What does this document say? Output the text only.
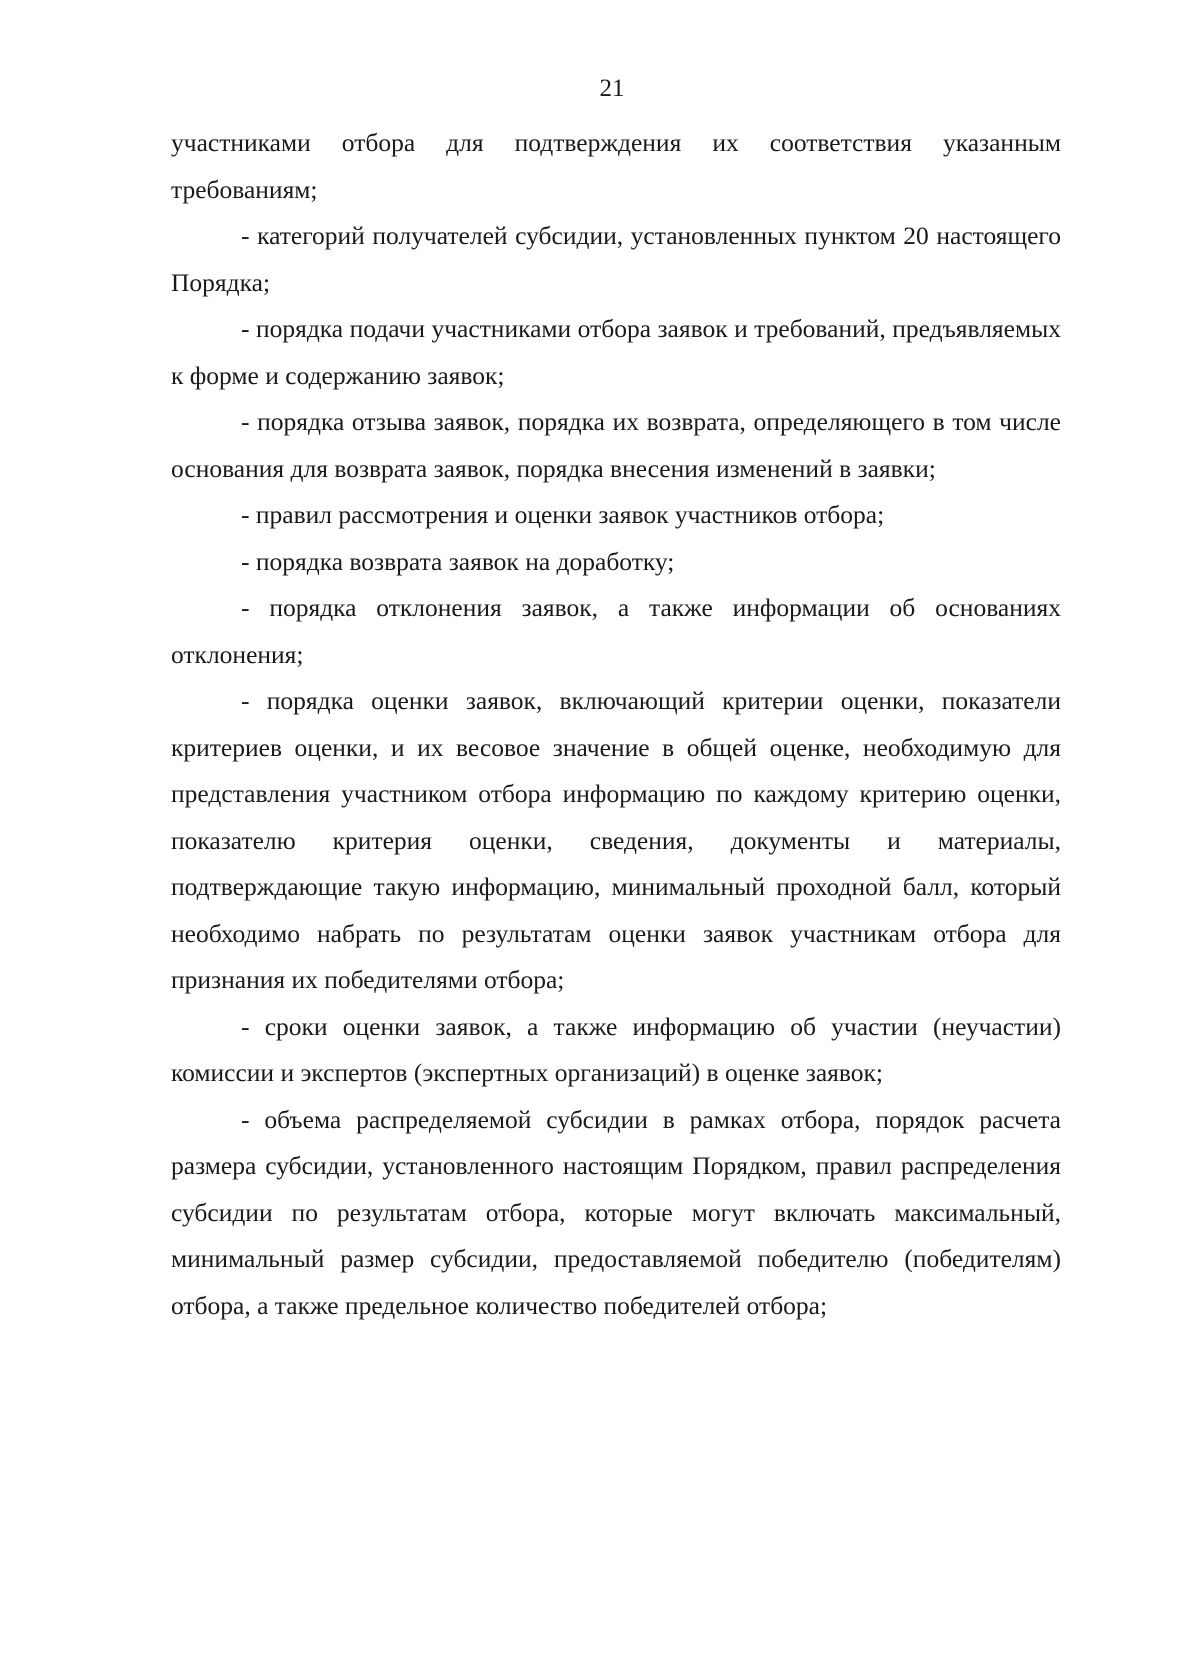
21

участниками отбора для подтверждения их соответствия указанным требованиям;

- категорий получателей субсидии, установленных пунктом 20 настоящего Порядка;

- порядка подачи участниками отбора заявок и требований, предъявляемых к форме и содержанию заявок;

- порядка отзыва заявок, порядка их возврата, определяющего в том числе основания для возврата заявок, порядка внесения изменений в заявки;

- правил рассмотрения и оценки заявок участников отбора;

- порядка возврата заявок на доработку;

- порядка отклонения заявок, а также информации об основаниях отклонения;

- порядка оценки заявок, включающий критерии оценки, показатели критериев оценки, и их весовое значение в общей оценке, необходимую для представления участником отбора информацию по каждому критерию оценки, показателю критерия оценки, сведения, документы и материалы, подтверждающие такую информацию, минимальный проходной балл, который необходимо набрать по результатам оценки заявок участникам отбора для признания их победителями отбора;

- сроки оценки заявок, а также информацию об участии (неучастии) комиссии и экспертов (экспертных организаций) в оценке заявок;

- объема распределяемой субсидии в рамках отбора, порядок расчета размера субсидии, установленного настоящим Порядком, правил распределения субсидии по результатам отбора, которые могут включать максимальный, минимальный размер субсидии, предоставляемой победителю (победителям) отбора, а также предельное количество победителей отбора;
